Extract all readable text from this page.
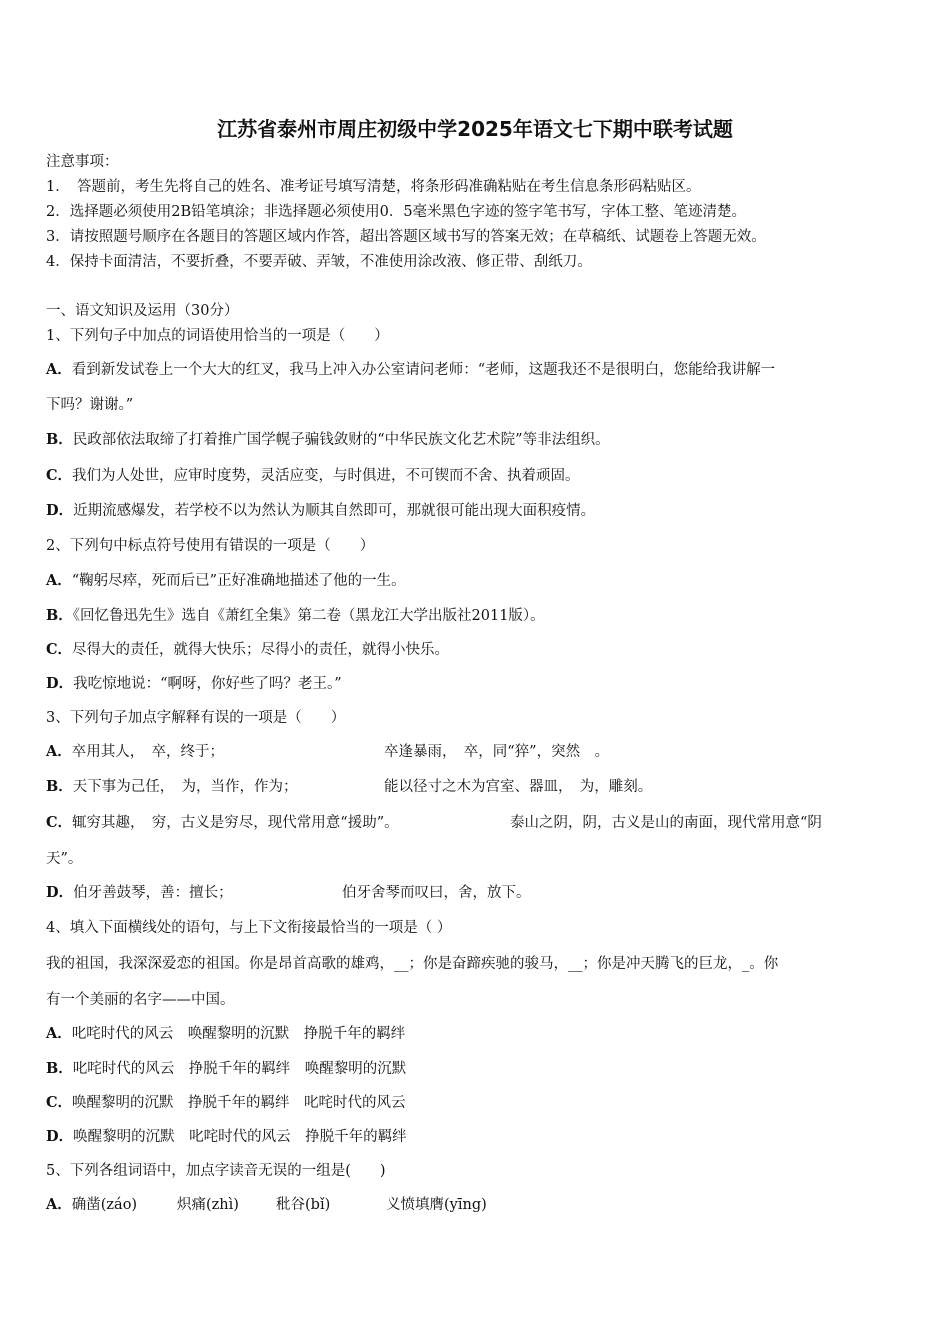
江苏省泰州市周庄初级中学2025年语文七下期中联考试题
注意事项：
1．　答题前，考生先将自己的姓名、准考证号填写清楚，将条形码准确粘贴在考生信息条形码粘贴区。
2．选择题必须使用2B铅笔填涂；非选择题必须使用0．5毫米黑色字迹的签字笔书写，字体工整、笔迹清楚。
3．请按照题号顺序在各题目的答题区域内作答，超出答题区域书写的答案无效；在草稿纸、试题卷上答题无效。
4．保持卡面清洁，不要折叠，不要弄破、弄皱，不准使用涂改液、修正带、刮纸刀。
一、语文知识及运用（30分）
1、下列句子中加点的词语使用恰当的一项是（　　）
A．看到新发试卷上一个大大的红叉，我马上冲入办公室请问老师：“老师，这题我还不是很明白，您能给我讲解一
下吗？谢谢。”
B．民政部依法取缔了打着推广国学幌子骗钱敛财的“中华民族文化艺术院”等非法组织。
C．我们为人处世，应审时度势，灵活应变，与时俱进，不可锲而不舍、执着顽固。
D．近期流感爆发，若学校不以为然认为顺其自然即可，那就很可能出现大面积疫情。
2、下列句中标点符号使用有错误的一项是（　　）
A．“鞠躬尽瘁，死而后已”正好准确地描述了他的一生。
B．《回忆鲁迅先生》选自《萧红全集》第二卷（黑龙江大学出版社2011版）。
C．尽得大的责任，就得大快乐；尽得小的责任，就得小快乐。
D．我吃惊地说：“啊呀，你好些了吗？老王。”
3、下列句子加点字解释有误的一项是（　　）
A．卒用其人，　卒，终于；	卒逢暴雨，　卒，同“猝”，突然　。
B．天下事为己任，　为，当作，作为；	能以径寸之木为宫室、器皿，　为，雕刻。
C．辄穷其趣，　穷，古义是穷尽，现代常用意“援助”。	泰山之阴，阴，古义是山的南面，现代常用意“阴
天”。
D．伯牙善鼓琴，善：擅长；	伯牙舍琴而叹曰，舍，放下。
4、填入下面横线处的语句，与上下文衔接最恰当的一项是（ ）
我的祖国，我深深爱恋的祖国。你是昂首高歌的雄鸡，__；你是奋蹄疾驰的骏马，__；你是冲天腾飞的巨龙，_。你
有一个美丽的名字——中国。
A．叱咤时代的风云　唤醒黎明的沉默　挣脱千年的羁绊
B．叱咤时代的风云　挣脱千年的羁绊　唤醒黎明的沉默
C．唤醒黎明的沉默　挣脱千年的羁绊　叱咤时代的风云
D．唤醒黎明的沉默　叱咤时代的风云　挣脱千年的羁绊
5、下列各组词语中，加点字读音无误的一组是(　　)
A．确凿(záo)	炽痛(zhì)	秕谷(bǐ)	义愤填膺(yīng)
